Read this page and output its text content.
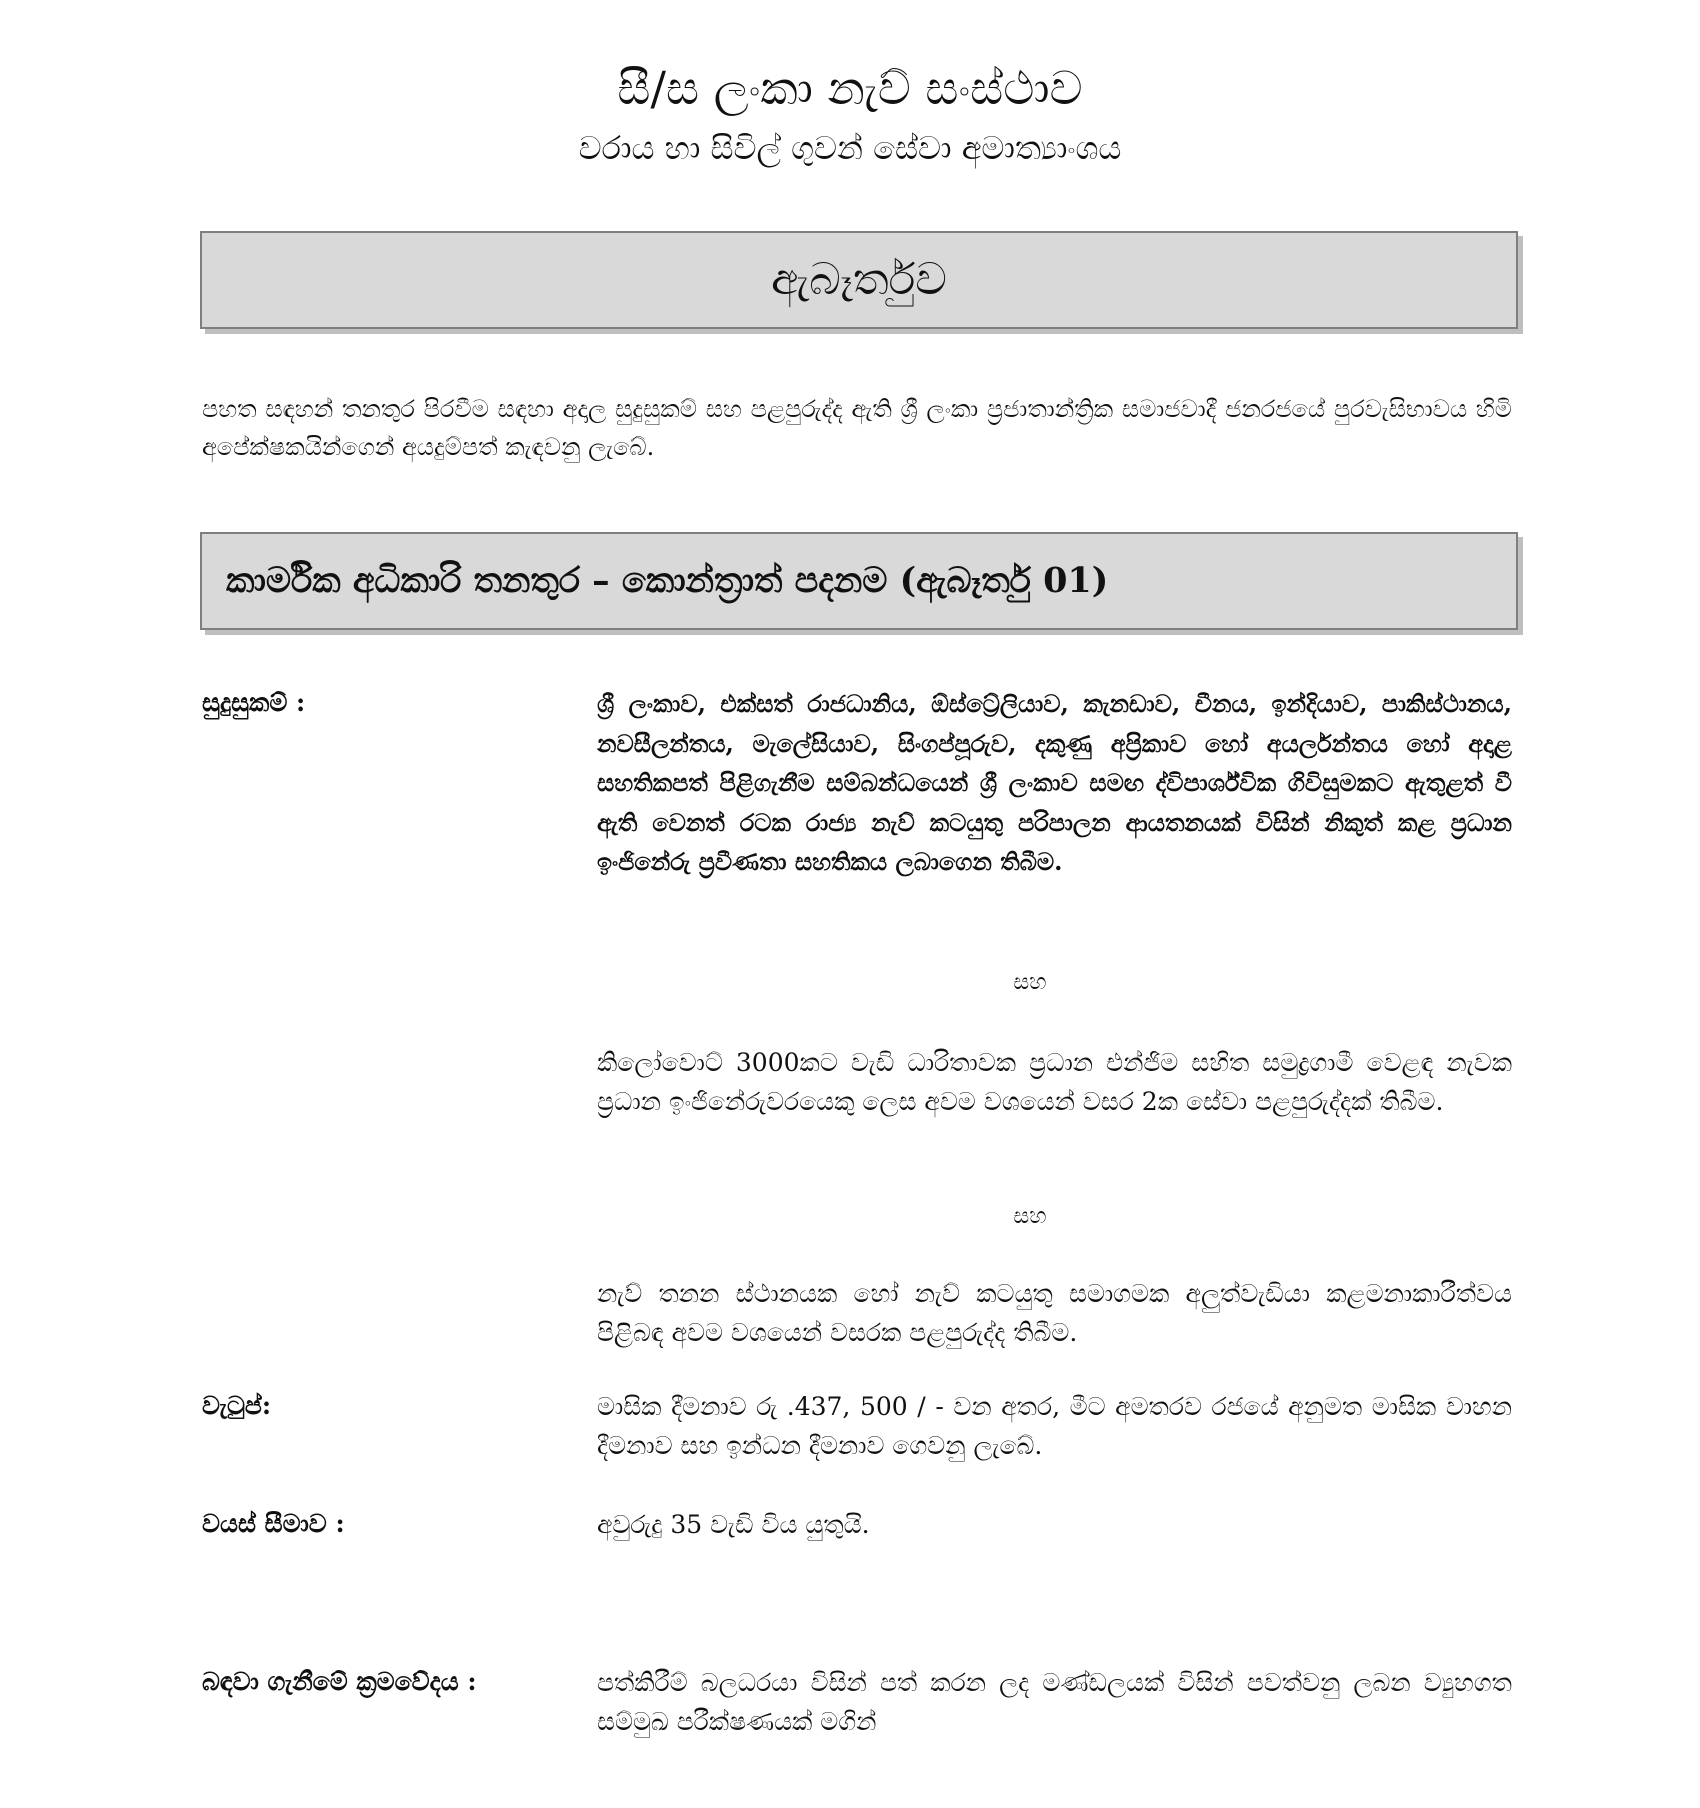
සී/ස ලංකා නැව් සංස්ථාව
වරාය හා සිවිල් ගුවන් සේවා අමාත්‍යාංශය
ඇබෑර්තුව
පහත සඳහන් තනතුර පිරවීම සඳහා අදාල සුදුසුකම් සහ පළපුරුද්ද ඇති ශ්‍රී ලංකා ප්‍රජාතාන්ත්‍රික සමාජවාදී ජනරජයේ පුරවැසිභාවය හිමි අපේක්ෂකයින්ගෙන් අයදුම්පත් කැඳවනු ලැබේ.
කාර්මික අධිකාරි තනතුර – කොන්ත්‍රාත් පදනම (ඇබෑර්තු 01)
සුදුසුකම් :	ශ්‍රී ලංකාව, එක්සත් රාජධානිය, ඕස්ට්‍රේලියාව, කැනඩාව, චීනය, ඉන්දියාව, පාකිස්ථානය, නවසීලන්තය, මැලේසියාව, සිංගප්පූරුව, දකුණු අප්‍රිකාව හෝ අයර්ලන්තය හෝ අදාළ සහතිකපත් පිළිගැනීම සම්බන්ධයෙන් ශ්‍රී ලංකාව සමඟ ද්විපාර්ශ්වික ගිවිසුමකට ඇතුළත් වී ඇති වෙනත් රටක රාජ්‍ය නැව් කටයුතු පරිපාලන ආයතනයක් විසින් නිකුත් කළ ප්‍රධාන ඉංජිනේරු ප්‍රවීණතා සහතිකය ලබාගෙන තිබීම.
සහ
කිලෝවොට් 3000කට වැඩි ධාරිතාවක ප්‍රධාන එන්ජිම සහිත සමුද්‍රගාමී වෙළඳ නැවක ප්‍රධාන ඉංජිනේරුවරයෙකු ලෙස අවම වශයෙන් වසර 2ක සේවා පළපුරුද්දක් තිබීම.
සහ
නැව් තනන ස්ථානයක හෝ නැව් කටයුතු සමාගමක අලුත්වැඩියා කළමනාකාරීත්වය පිළිබඳ අවම වශයෙන් වසරක පළපුරුද්ද තිබීම.
වැටුප්:	මාසික දීමනාව රු .437, 500 / - වන අතර, මීට අමතරව රජයේ අනුමත මාසික වාහන දීමනාව සහ ඉන්ධන දීමනාව ගෙවනු ලැබේ.
වයස් සීමාව :	අවුරුදු 35 වැඩි විය යුතුයි.
බඳවා ගැනීමේ ක්‍රමවේදය :	පත්කිරීම් බලධරයා විසින් පත් කරන ලද මණ්ඩලයක් විසින් පවත්වනු ලබන ව්‍යුහගත සම්මුඛ පරීක්ෂණයක් මගින්
